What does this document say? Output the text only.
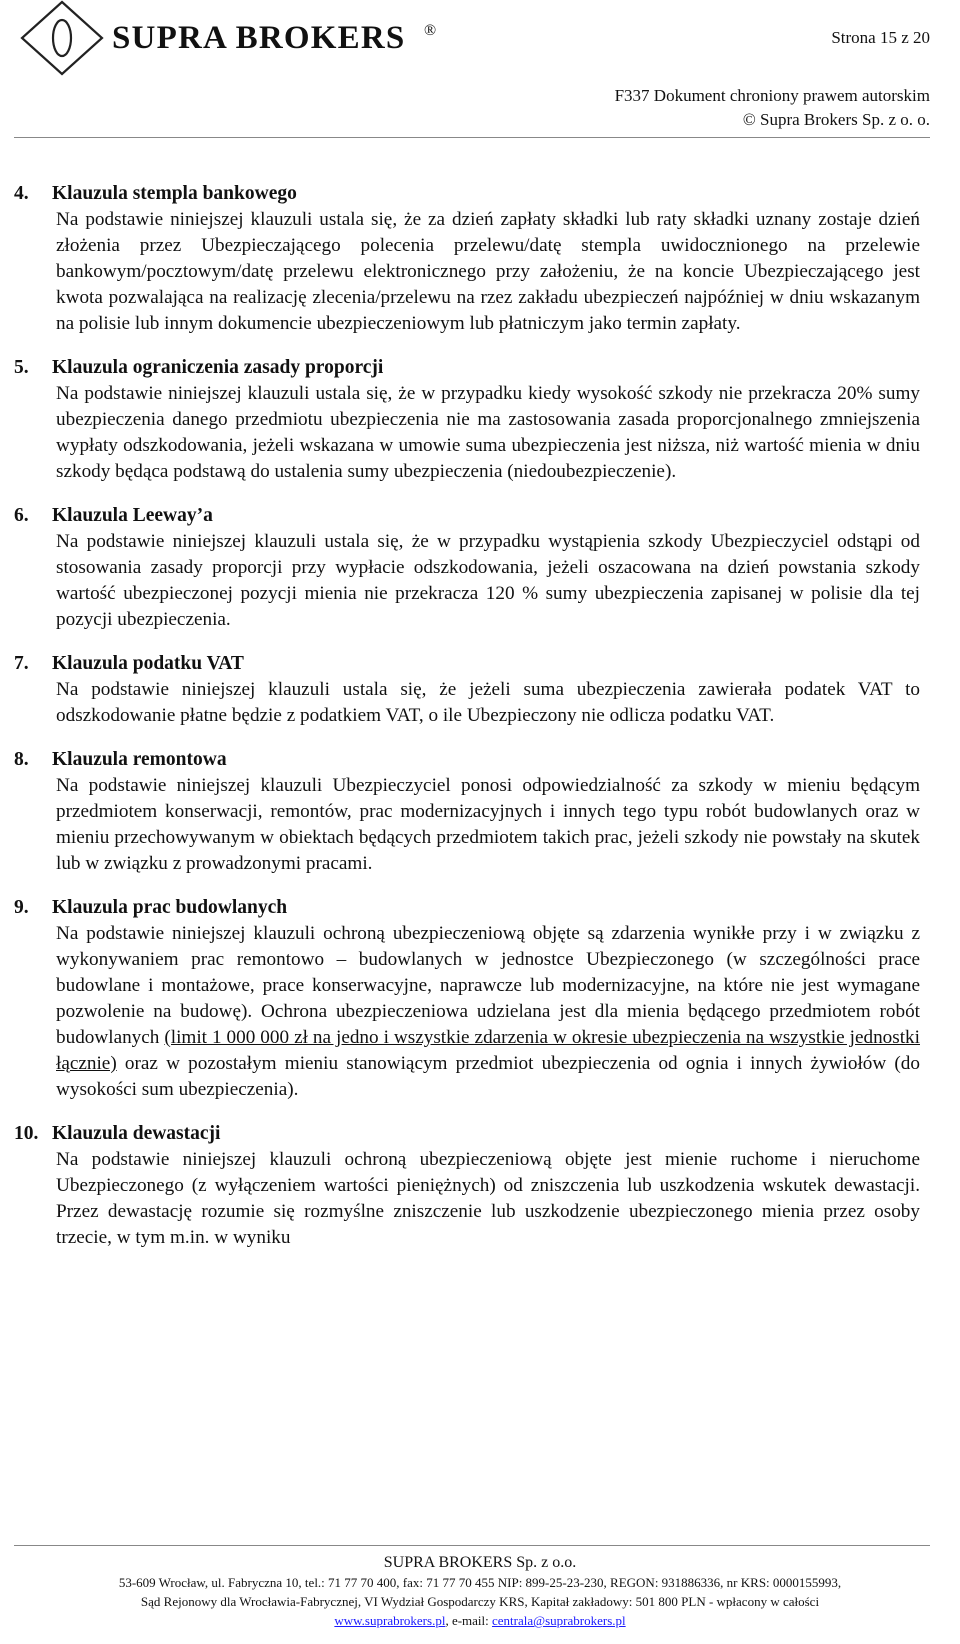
SUPRA BROKERS ®	Strona 15 z 20
F337 Dokument chroniony prawem autorskim
© Supra Brokers Sp. z o. o.
4. Klauzula stempla bankowego
Na podstawie niniejszej klauzuli ustala się, że za dzień zapłaty składki lub raty składki uznany zostaje dzień złożenia przez Ubezpieczającego polecenia przelewu/datę stempla uwidocznionego na przelewie bankowym/pocztowym/datę przelewu elektronicznego przy założeniu, że na koncie Ubezpieczającego jest kwota pozwalająca na realizację zlecenia/przelewu na rzez zakładu ubezpieczeń najpóźniej w dniu wskazanym na polisie lub innym dokumencie ubezpieczeniowym lub płatniczym jako termin zapłaty.
5. Klauzula ograniczenia zasady proporcji
Na podstawie niniejszej klauzuli ustala się, że w przypadku kiedy wysokość szkody nie przekracza 20% sumy ubezpieczenia danego przedmiotu ubezpieczenia nie ma zastosowania zasada proporcjonalnego zmniejszenia wypłaty odszkodowania, jeżeli wskazana w umowie suma ubezpieczenia jest niższa, niż wartość mienia w dniu szkody będąca podstawą do ustalenia sumy ubezpieczenia (niedoubezpieczenie).
6. Klauzula Leeway’a
Na podstawie niniejszej klauzuli ustala się, że w przypadku wystąpienia szkody Ubezpieczyciel odstąpi od stosowania zasady proporcji przy wypłacie odszkodowania, jeżeli oszacowana na dzień powstania szkody wartość ubezpieczonej pozycji mienia nie przekracza 120 % sumy ubezpieczenia zapisanej w polisie dla tej pozycji ubezpieczenia.
7. Klauzula podatku VAT
Na podstawie niniejszej klauzuli ustala się, że jeżeli suma ubezpieczenia zawierała podatek VAT to odszkodowanie płatne będzie z podatkiem VAT, o ile Ubezpieczony nie odlicza podatku VAT.
8. Klauzula remontowa
Na podstawie niniejszej klauzuli Ubezpieczyciel ponosi odpowiedzialność za szkody w mieniu będącym przedmiotem konserwacji, remontów, prac modernizacyjnych i innych tego typu robót budowlanych oraz w mieniu przechowywanym w obiektach będących przedmiotem takich prac, jeżeli szkody nie powstały na skutek lub w związku z prowadzonymi pracami.
9. Klauzula prac budowlanych
Na podstawie niniejszej klauzuli ochroną ubezpieczeniową objęte są zdarzenia wynikłe przy i w związku z wykonywaniem prac remontowo – budowlanych w jednostce Ubezpieczonego (w szczególności prace budowlane i montażowe, prace konserwacyjne, naprawcze lub modernizacyjne, na które nie jest wymagane pozwolenie na budowę). Ochrona ubezpieczeniowa udzielana jest dla mienia będącego przedmiotem robót budowlanych (limit 1 000 000 zł na jedno i wszystkie zdarzenia w okresie ubezpieczenia na wszystkie jednostki łącznie) oraz w pozostałym mieniu stanowiącym przedmiot ubezpieczenia od ognia i innych żywiołów (do wysokości sum ubezpieczenia).
10. Klauzula dewastacji
Na podstawie niniejszej klauzuli ochroną ubezpieczeniową objęte jest mienie ruchome i nieruchome Ubezpieczonego (z wyłączeniem wartości pieniężnych) od zniszczenia lub uszkodzenia wskutek dewastacji. Przez dewastację rozumie się rozmyślne zniszczenie lub uszkodzenie ubezpieczonego mienia przez osoby trzecie, w tym m.in. w wyniku
SUPRA BROKERS Sp. z o.o.
53-609 Wrocław, ul. Fabryczna 10, tel.: 71 77 70 400, fax: 71 77 70 455 NIP: 899-25-23-230, REGON: 931886336, nr KRS: 0000155993,
Sąd Rejonowy dla Wrocławia-Fabrycznej, VI Wydział Gospodarczy KRS, Kapitał zakładowy: 501 800 PLN - wpłacony w całości
www.suprabrokers.pl, e-mail: centrala@suprabrokers.pl
